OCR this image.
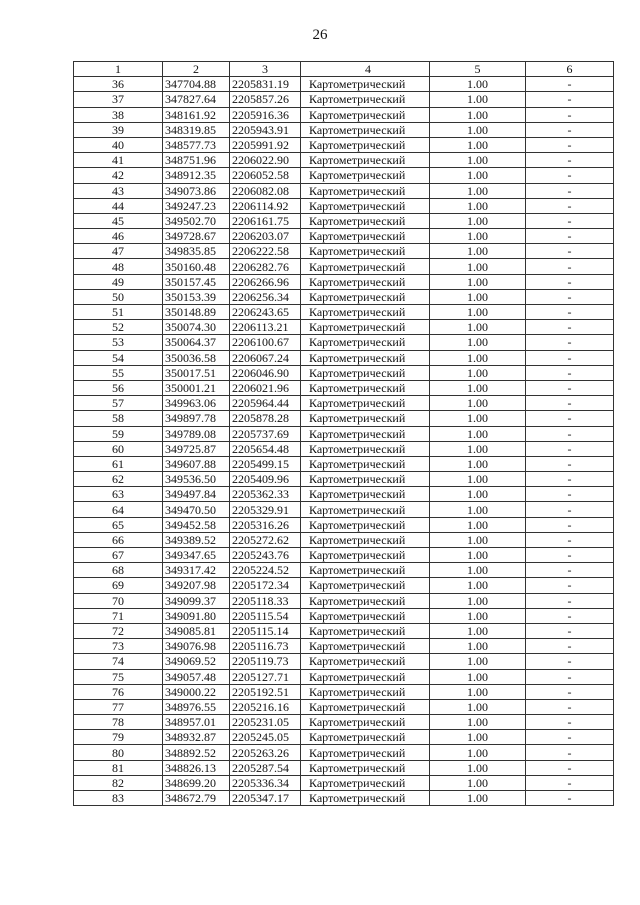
26
1	2	3	4	5	6
36	347704.88	2205831.19	Картометрический	1.00	-
37	347827.64	2205857.26	Картометрический	1.00	-
38	348161.92	2205916.36	Картометрический	1.00	-
39	348319.85	2205943.91	Картометрический	1.00	-
40	348577.73	2205991.92	Картометрический	1.00	-
41	348751.96	2206022.90	Картометрический	1.00	-
42	348912.35	2206052.58	Картометрический	1.00	-
43	349073.86	2206082.08	Картометрический	1.00	-
44	349247.23	2206114.92	Картометрический	1.00	-
45	349502.70	2206161.75	Картометрический	1.00	-
46	349728.67	2206203.07	Картометрический	1.00	-
47	349835.85	2206222.58	Картометрический	1.00	-
48	350160.48	2206282.76	Картометрический	1.00	-
49	350157.45	2206266.96	Картометрический	1.00	-
50	350153.39	2206256.34	Картометрический	1.00	-
51	350148.89	2206243.65	Картометрический	1.00	-
52	350074.30	2206113.21	Картометрический	1.00	-
53	350064.37	2206100.67	Картометрический	1.00	-
54	350036.58	2206067.24	Картометрический	1.00	-
55	350017.51	2206046.90	Картометрический	1.00	-
56	350001.21	2206021.96	Картометрический	1.00	-
57	349963.06	2205964.44	Картометрический	1.00	-
58	349897.78	2205878.28	Картометрический	1.00	-
59	349789.08	2205737.69	Картометрический	1.00	-
60	349725.87	2205654.48	Картометрический	1.00	-
61	349607.88	2205499.15	Картометрический	1.00	-
62	349536.50	2205409.96	Картометрический	1.00	-
63	349497.84	2205362.33	Картометрический	1.00	-
64	349470.50	2205329.91	Картометрический	1.00	-
65	349452.58	2205316.26	Картометрический	1.00	-
66	349389.52	2205272.62	Картометрический	1.00	-
67	349347.65	2205243.76	Картометрический	1.00	-
68	349317.42	2205224.52	Картометрический	1.00	-
69	349207.98	2205172.34	Картометрический	1.00	-
70	349099.37	2205118.33	Картометрический	1.00	-
71	349091.80	2205115.54	Картометрический	1.00	-
72	349085.81	2205115.14	Картометрический	1.00	-
73	349076.98	2205116.73	Картометрический	1.00	-
74	349069.52	2205119.73	Картометрический	1.00	-
75	349057.48	2205127.71	Картометрический	1.00	-
76	349000.22	2205192.51	Картометрический	1.00	-
77	348976.55	2205216.16	Картометрический	1.00	-
78	348957.01	2205231.05	Картометрический	1.00	-
79	348932.87	2205245.05	Картометрический	1.00	-
80	348892.52	2205263.26	Картометрический	1.00	-
81	348826.13	2205287.54	Картометрический	1.00	-
82	348699.20	2205336.34	Картометрический	1.00	-
83	348672.79	2205347.17	Картометрический	1.00	-
